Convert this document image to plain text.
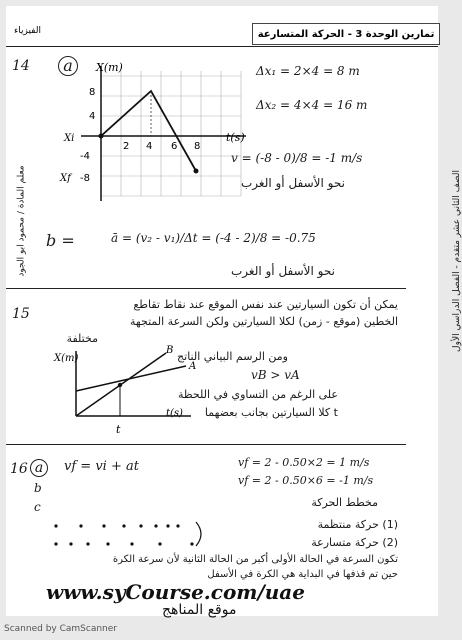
تمارين الوحدة 3 - الحركة المتسارعة
الفيزياء
معلم المادة / محمود ابو الجود	الصف الثاني عشر متقدم - الفصل الدراسي الأول
14	a	X(m)
t(s)
8
4
-4
-8
2 4 6 8
Xi
Xf
Δx₁ = 2×4 = 8 m
Δx₂ = 4×4 = 16 m
v = (-8 - 0)/8 = -1 m/s
نحو الأسفل أو الغرب
b =	ā = (v₂ - v₁)/Δt = (-4 - 2)/8 = -0.75
نحو الأسفل أو الغرب
15
يمكن أن تكون السيارتين عند نفس الموقع عند نقاط تقاطع
الخطين (موقع - زمن) لكلا السيارتين ولكن السرعة المتجهة
مختلفة
ومن الرسم البياني الناتج
vB > vA
على الرغم من التساوي في اللحظة
t كلا السيارتين بجانب بعضهما
X(m)
t(s)
A
B
t
16 a	vf = vi + at	vf = 2 - 0.50×2 = 1 m/s
vf = 2 - 0.50×6 = -1 m/s
b
c	مخطط الحركة
(1) حركة منتظمة
(2) حركة متسارعة
تكون السرعة في الحالة الأولى أكبر من الحالة الثانية لأن سرعة الكرة
حين تم قذفها في البداية هي الكرة في الأسفل
www.syCourse.com/uae
موقع المناهج
Scanned by CamScanner
